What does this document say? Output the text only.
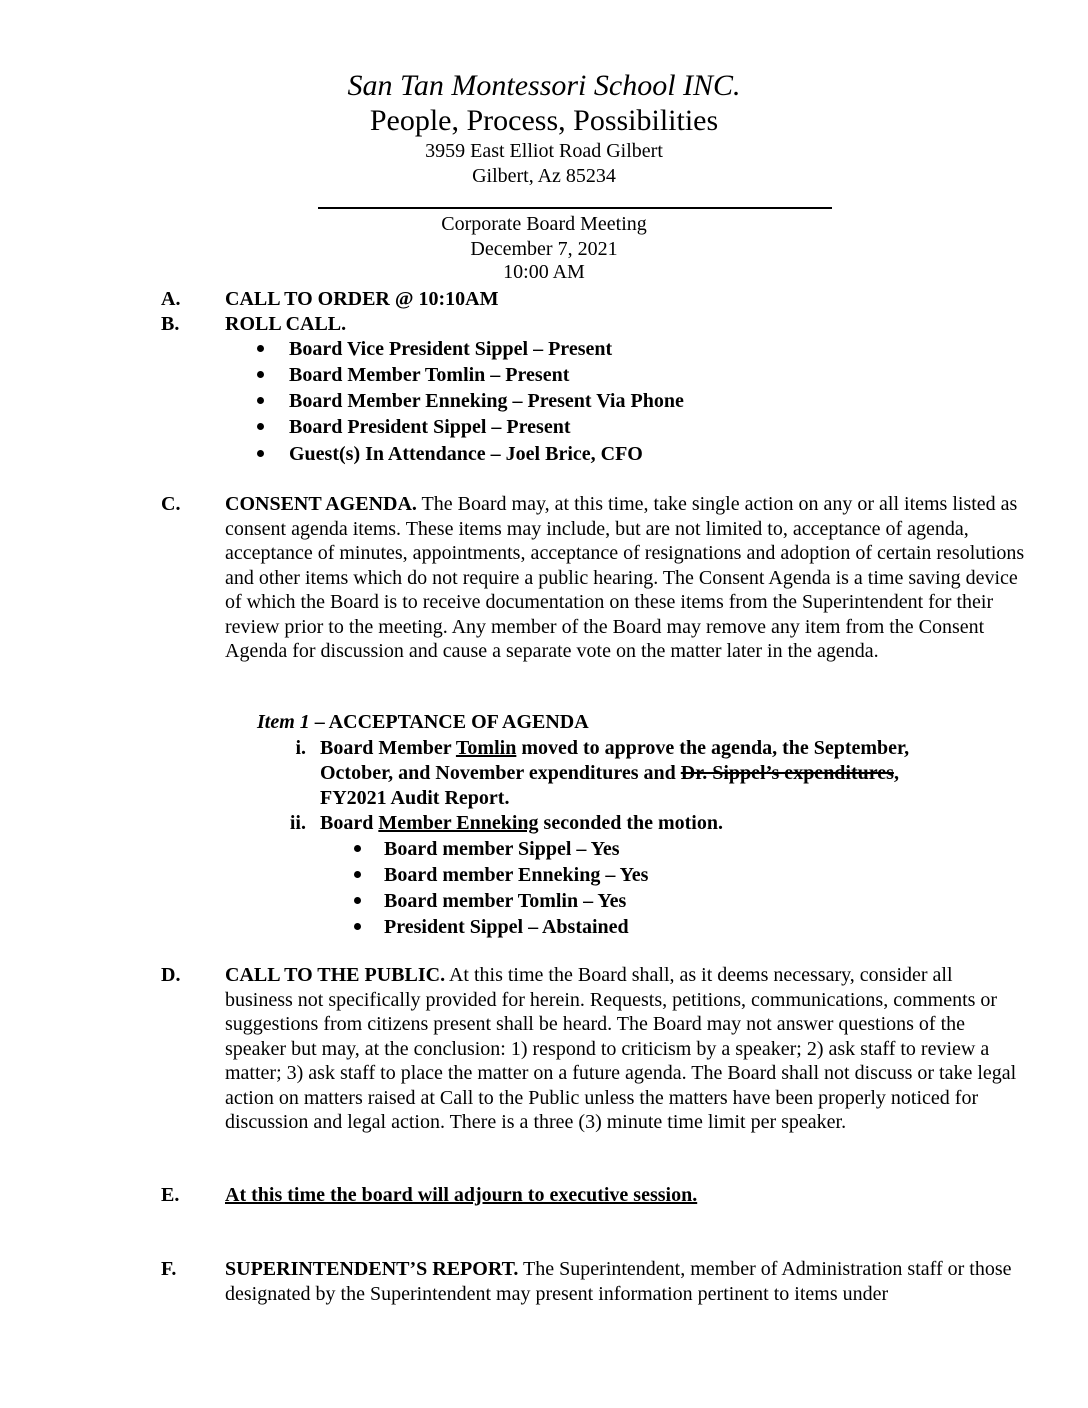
San Tan Montessori School INC.
People, Process, Possibilities
3959 East Elliot Road Gilbert
Gilbert, Az 85234
Corporate Board Meeting
December 7, 2021
10:00 AM
A. CALL TO ORDER @ 10:10AM
B. ROLL CALL.
Board Vice President Sippel – Present
Board Member Tomlin – Present
Board Member Enneking – Present Via Phone
Board President Sippel – Present
Guest(s) In Attendance – Joel Brice, CFO
C. CONSENT AGENDA. The Board may, at this time, take single action on any or all items listed as consent agenda items. These items may include, but are not limited to, acceptance of agenda, acceptance of minutes, appointments, acceptance of resignations and adoption of certain resolutions and other items which do not require a public hearing. The Consent Agenda is a time saving device of which the Board is to receive documentation on these items from the Superintendent for their review prior to the meeting. Any member of the Board may remove any item from the Consent Agenda for discussion and cause a separate vote on the matter later in the agenda.
Item 1 – ACCEPTANCE OF AGENDA
i. Board Member Tomlin moved to approve the agenda, the September,
October, and November expenditures and Dr. Sippel’s expenditures,
FY2021 Audit Report.
ii. Board Member Enneking seconded the motion.
Board member Sippel – Yes
Board member Enneking – Yes
Board member Tomlin – Yes
President Sippel – Abstained
D. CALL TO THE PUBLIC. At this time the Board shall, as it deems necessary, consider all business not specifically provided for herein. Requests, petitions, communications, comments or suggestions from citizens present shall be heard. The Board may not answer questions of the speaker but may, at the conclusion: 1) respond to criticism by a speaker; 2) ask staff to review a matter; 3) ask staff to place the matter on a future agenda. The Board shall not discuss or take legal action on matters raised at Call to the Public unless the matters have been properly noticed for discussion and legal action. There is a three (3) minute time limit per speaker.
E. At this time the board will adjourn to executive session.
F. SUPERINTENDENT’S REPORT. The Superintendent, member of Administration staff or those designated by the Superintendent may present information pertinent to items under
